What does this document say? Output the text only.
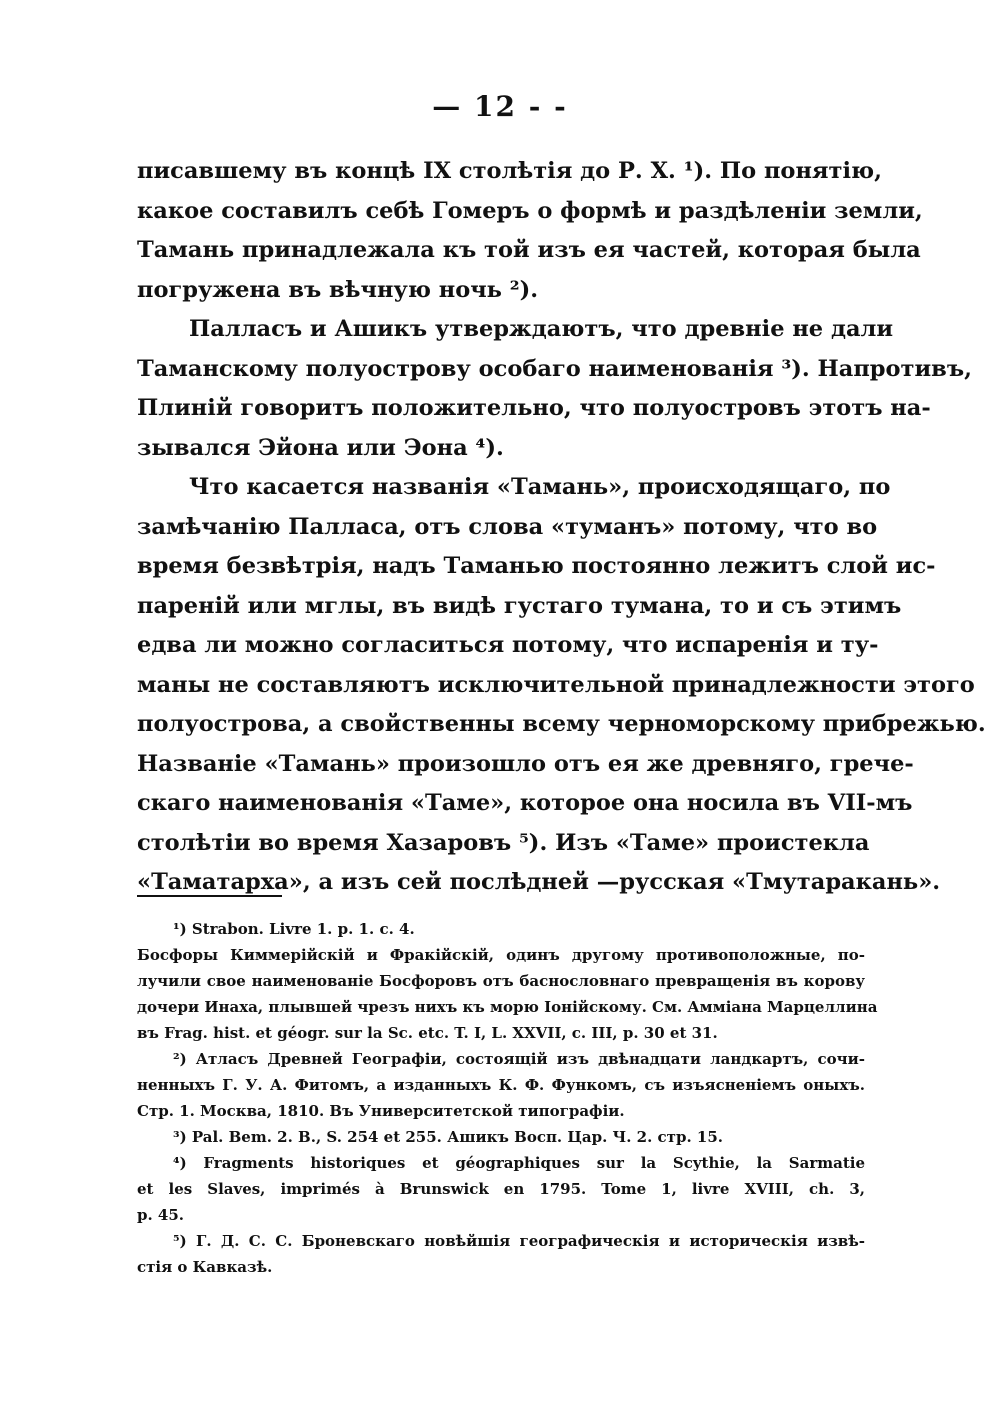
— 12 - -
писавшему въ концѣ IX столѣтія до Р. Х. ¹). По понятію,
какое составилъ себѣ Гомеръ о формѣ и раздѣленіи земли,
Тамань принадлежала къ той изъ ея частей, которая была
погружена въ вѣчную ночь ²).
Палласъ и Ашикъ утверждаютъ, что древніе не дали
Таманскому полуострову особаго наименованія ³). Напротивъ,
Плиній говоритъ положительно, что полуостровъ этотъ на-
зывался Эйона или Эона ⁴).
Что касается названія «Тамань», происходящаго, по
замѣчанію Палласа, отъ слова «туманъ» потому, что во
время безвѣтрія, надъ Таманью постоянно лежитъ слой ис-
пареній или мглы, въ видѣ густаго тумана, то и съ этимъ
едва ли можно согласиться потому, что испаренія и ту-
маны не составляютъ исключительной принадлежности этого
полуострова, а свойственны всему черноморскому прибрежью.
Названіе «Тамань» произошло отъ ея же древняго, грече-
скаго наименованія «Таме», которое она носила въ VII-мъ
столѣтіи во время Хазаровъ ⁵). Изъ «Таме» проистекла
«Таматарха», а изъ сей послѣдней —русская «Тмутаракань».
¹) Strabon. Livre 1. p. 1. c. 4.
Босфоры Киммерійскій и Фракійскій, одинъ другому противоположные, по-
лучили свое наименованіе Босфоровъ отъ баснословнаго превращенія въ корову
дочери Инаха, плывшей чрезъ нихъ къ морю Іонійскому. См. Аммiана Марцеллина
въ Frag. hist. et géogr. sur la Sc. etc. T. I, L. XXVII, c. III, p. 30 et 31.
²) Атласъ Древней Географіи, состоящій изъ двѣнадцати ландкартъ, сочи-
ненныхъ Г. У. А. Фитомъ, а изданныхъ К. Ф. Функомъ, съ изъясненіемъ оныхъ.
Стр. 1. Москва, 1810. Въ Университетской типографіи.
³) Pal. Bem. 2. B., S. 254 et 255. Ашикъ Восп. Цар. Ч. 2. стр. 15.
⁴) Fragments historiques et géographiques sur la Scythie, la Sarmatie
et les Slaves, imprimés à Brunswick en 1795. Tome 1, livre XVIII, ch. 3,
p. 45.
⁵) Г. Д. С. С. Броневскаго новѣйшія географическія и историческія извѣ-
стія о Кавказѣ.
